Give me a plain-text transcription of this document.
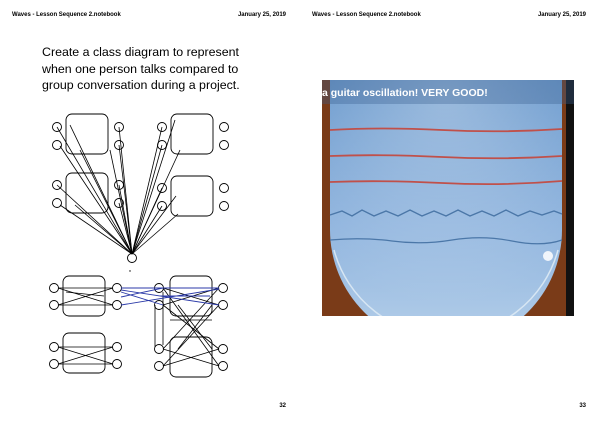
Waves - Lesson Sequence 2.notebook	January 25, 2019
Create a class diagram to represent when one person talks compared to group conversation during a project.
32
Waves - Lesson Sequence 2.notebook	January 25, 2019
a guitar oscillation! VERY GOOD!
33
